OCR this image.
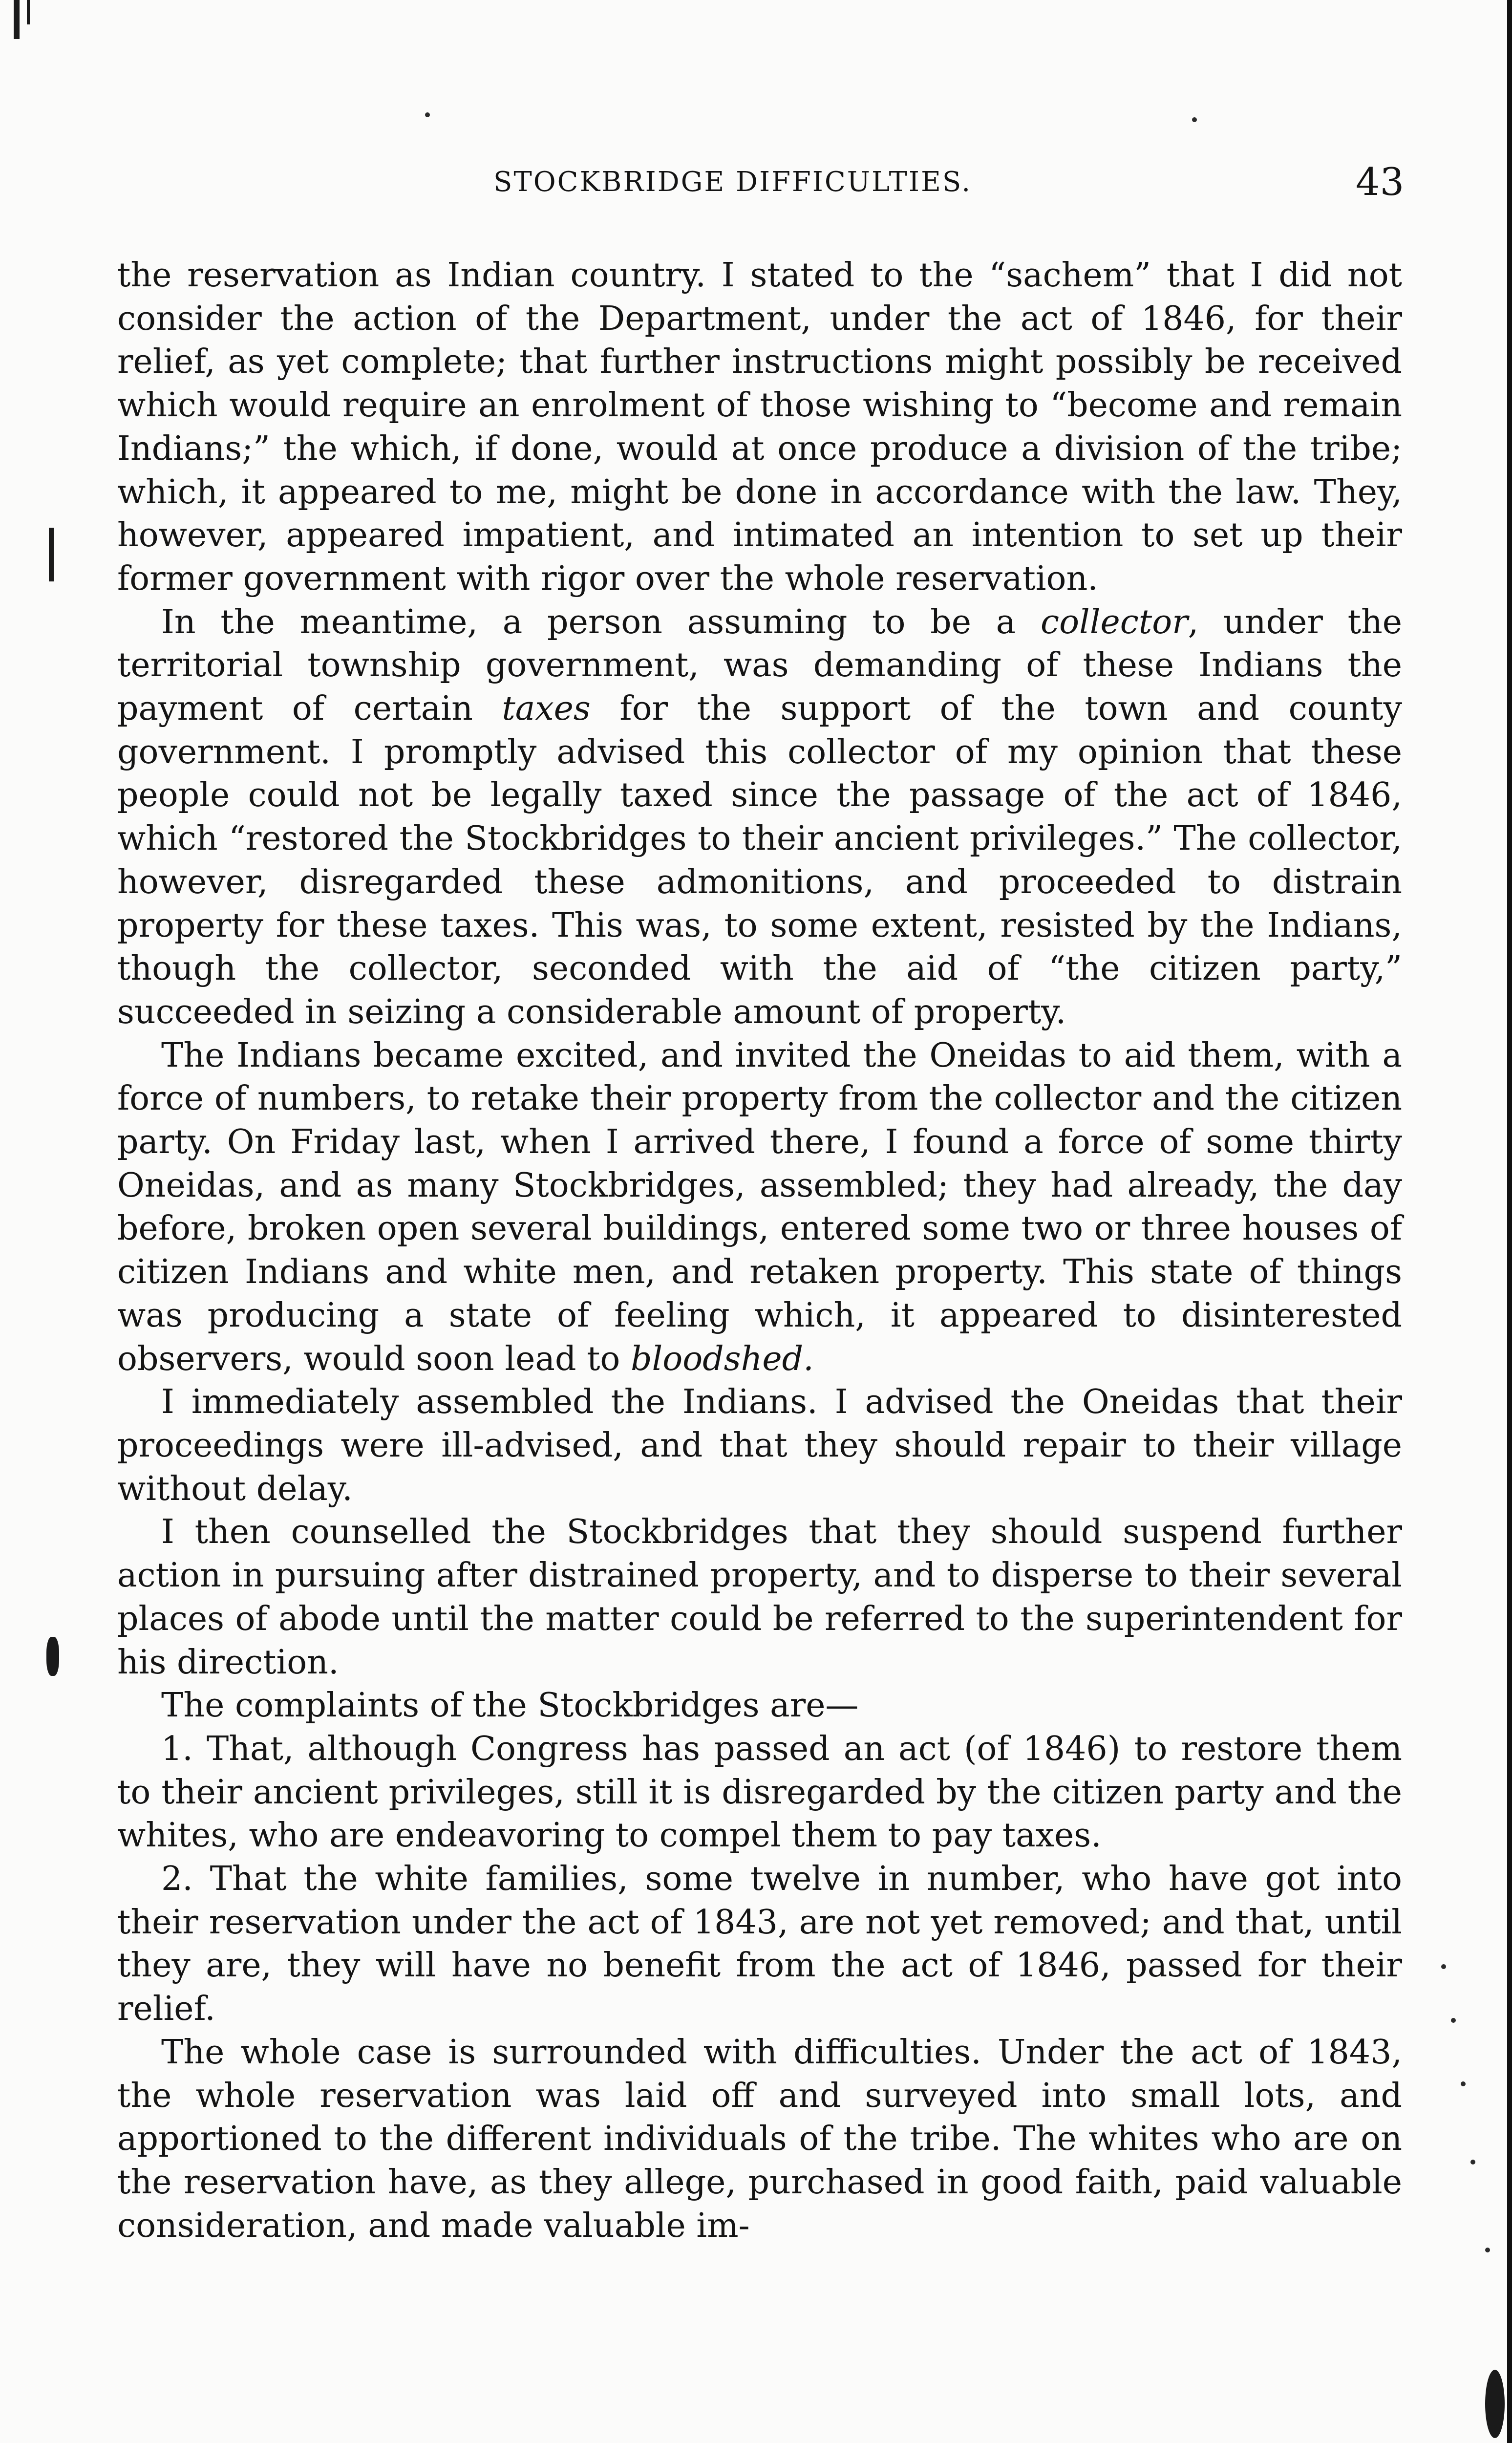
STOCKBRIDGE DIFFICULTIES.	43

the reservation as Indian country. I stated to the “sachem” that I did not consider the action of the Department, under the act of 1846, for their relief, as yet complete; that further instructions might possibly be received which would require an enrolment of those wishing to “become and remain Indians;” the which, if done, would at once produce a division of the tribe; which, it appeared to me, might be done in accordance with the law. They, however, appeared impatient, and intimated an intention to set up their former government with rigor over the whole reservation.

In the meantime, a person assuming to be a collector, under the territorial township government, was demanding of these Indians the payment of certain taxes for the support of the town and county government. I promptly advised this collector of my opinion that these people could not be legally taxed since the passage of the act of 1846, which “restored the Stockbridges to their ancient privileges.” The collector, however, disregarded these admonitions, and proceeded to distrain property for these taxes. This was, to some extent, resisted by the Indians, though the collector, seconded with the aid of “the citizen party,” succeeded in seizing a considerable amount of property.

The Indians became excited, and invited the Oneidas to aid them, with a force of numbers, to retake their property from the collector and the citizen party. On Friday last, when I arrived there, I found a force of some thirty Oneidas, and as many Stockbridges, assembled; they had already, the day before, broken open several buildings, entered some two or three houses of citizen Indians and white men, and retaken property. This state of things was producing a state of feeling which, it appeared to disinterested observers, would soon lead to bloodshed.

I immediately assembled the Indians. I advised the Oneidas that their proceedings were ill-advised, and that they should repair to their village without delay.

I then counselled the Stockbridges that they should suspend further action in pursuing after distrained property, and to disperse to their several places of abode until the matter could be referred to the superintendent for his direction.

The complaints of the Stockbridges are—

1. That, although Congress has passed an act (of 1846) to restore them to their ancient privileges, still it is disregarded by the citizen party and the whites, who are endeavoring to compel them to pay taxes.

2. That the white families, some twelve in number, who have got into their reservation under the act of 1843, are not yet removed; and that, until they are, they will have no benefit from the act of 1846, passed for their relief.

The whole case is surrounded with difficulties. Under the act of 1843, the whole reservation was laid off and surveyed into small lots, and apportioned to the different individuals of the tribe. The whites who are on the reservation have, as they allege, purchased in good faith, paid valuable consideration, and made valuable im-
